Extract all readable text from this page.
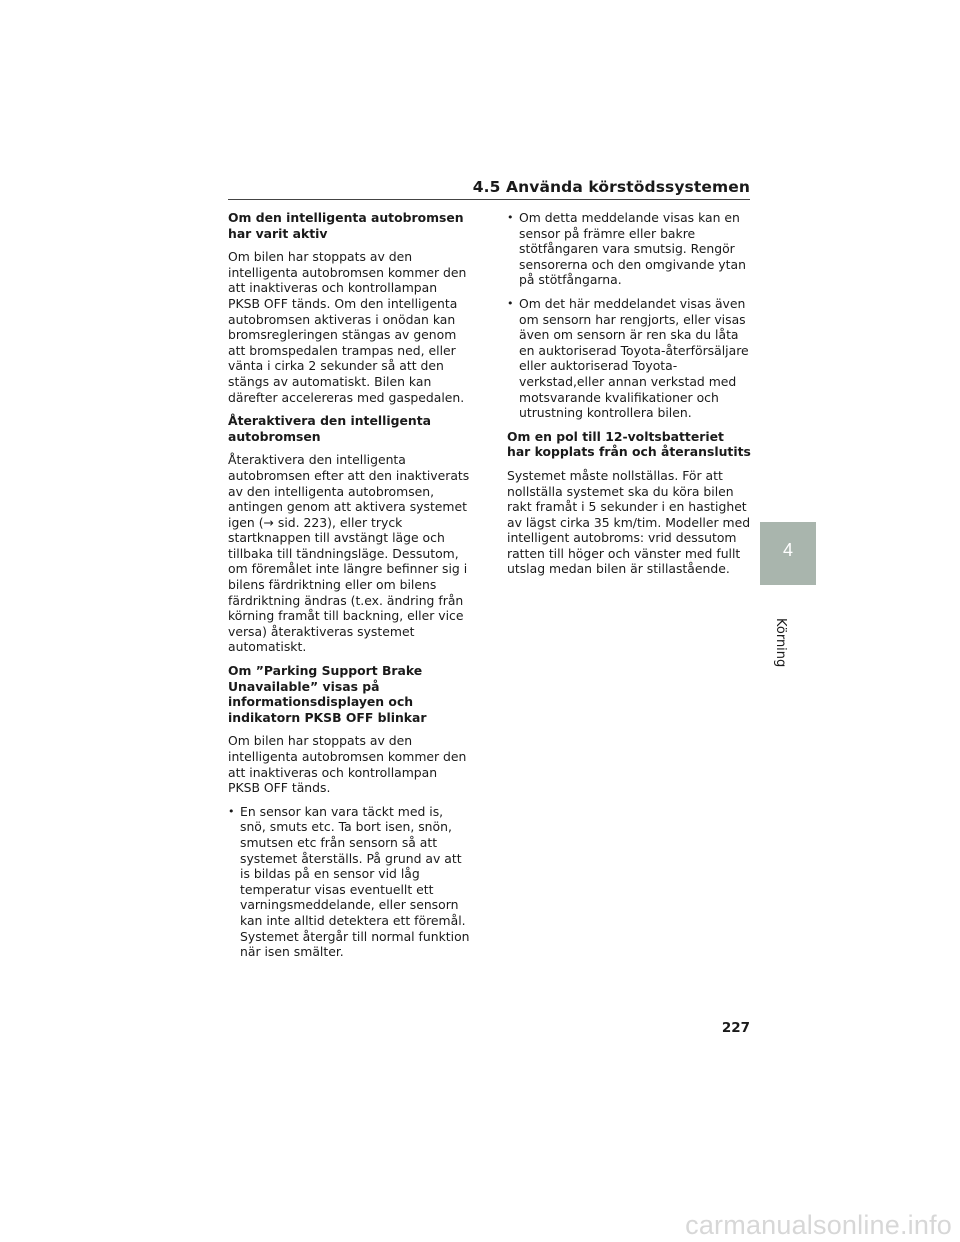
4.5 Använda körstödssystemen
Om den intelligenta autobromsen har varit aktiv

Om bilen har stoppats av den intelligenta autobromsen kommer den att inaktiveras och kontrollampan PKSB OFF tänds. Om den intelligenta autobromsen aktiveras i onödan kan bromsregleringen stängas av genom att bromspedalen trampas ned, eller vänta i cirka 2 sekunder så att den stängs av automatiskt. Bilen kan därefter accelereras med gaspedalen.

Återaktivera den intelligenta autobromsen

Återaktivera den intelligenta autobromsen efter att den inaktiverats av den intelligenta autobromsen, antingen genom att aktivera systemet igen (→ sid. 223), eller tryck startknappen till avstängt läge och tillbaka till tändningsläge. Dessutom, om föremålet inte längre befinner sig i bilens färdriktning eller om bilens färdriktning ändras (t.ex. ändring från körning framåt till backning, eller vice versa) återaktiveras systemet automatiskt.

Om ”Parking Support Brake Unavailable” visas på informationsdisplayen och indikatorn PKSB OFF blinkar

Om bilen har stoppats av den intelligenta autobromsen kommer den att inaktiveras och kontrollampan PKSB OFF tänds.

• En sensor kan vara täckt med is, snö, smuts etc. Ta bort isen, snön, smutsen etc från sensorn så att systemet återställs. På grund av att is bildas på en sensor vid låg temperatur visas eventuellt ett varningsmeddelande, eller sensorn kan inte alltid detektera ett föremål. Systemet återgår till normal funktion när isen smälter.
• Om detta meddelande visas kan en sensor på främre eller bakre stötfångaren vara smutsig. Rengör sensorerna och den omgivande ytan på stötfångarna.
• Om det här meddelandet visas även om sensorn har rengjorts, eller visas även om sensorn är ren ska du låta en auktoriserad Toyota-återförsäljare eller auktoriserad Toyota-verkstad,eller annan verkstad med motsvarande kvalifikationer och utrustning kontrollera bilen.
Om en pol till 12-voltsbatteriet har kopplats från och återanslutits

Systemet måste nollställas. För att nollställa systemet ska du köra bilen rakt framåt i 5 sekunder i en hastighet av lägst cirka 35 km/tim. Modeller med intelligent autobroms: vrid dessutom ratten till höger och vänster med fullt utslag medan bilen är stillastående.

4
Körning
227
carmanualsonline.info
